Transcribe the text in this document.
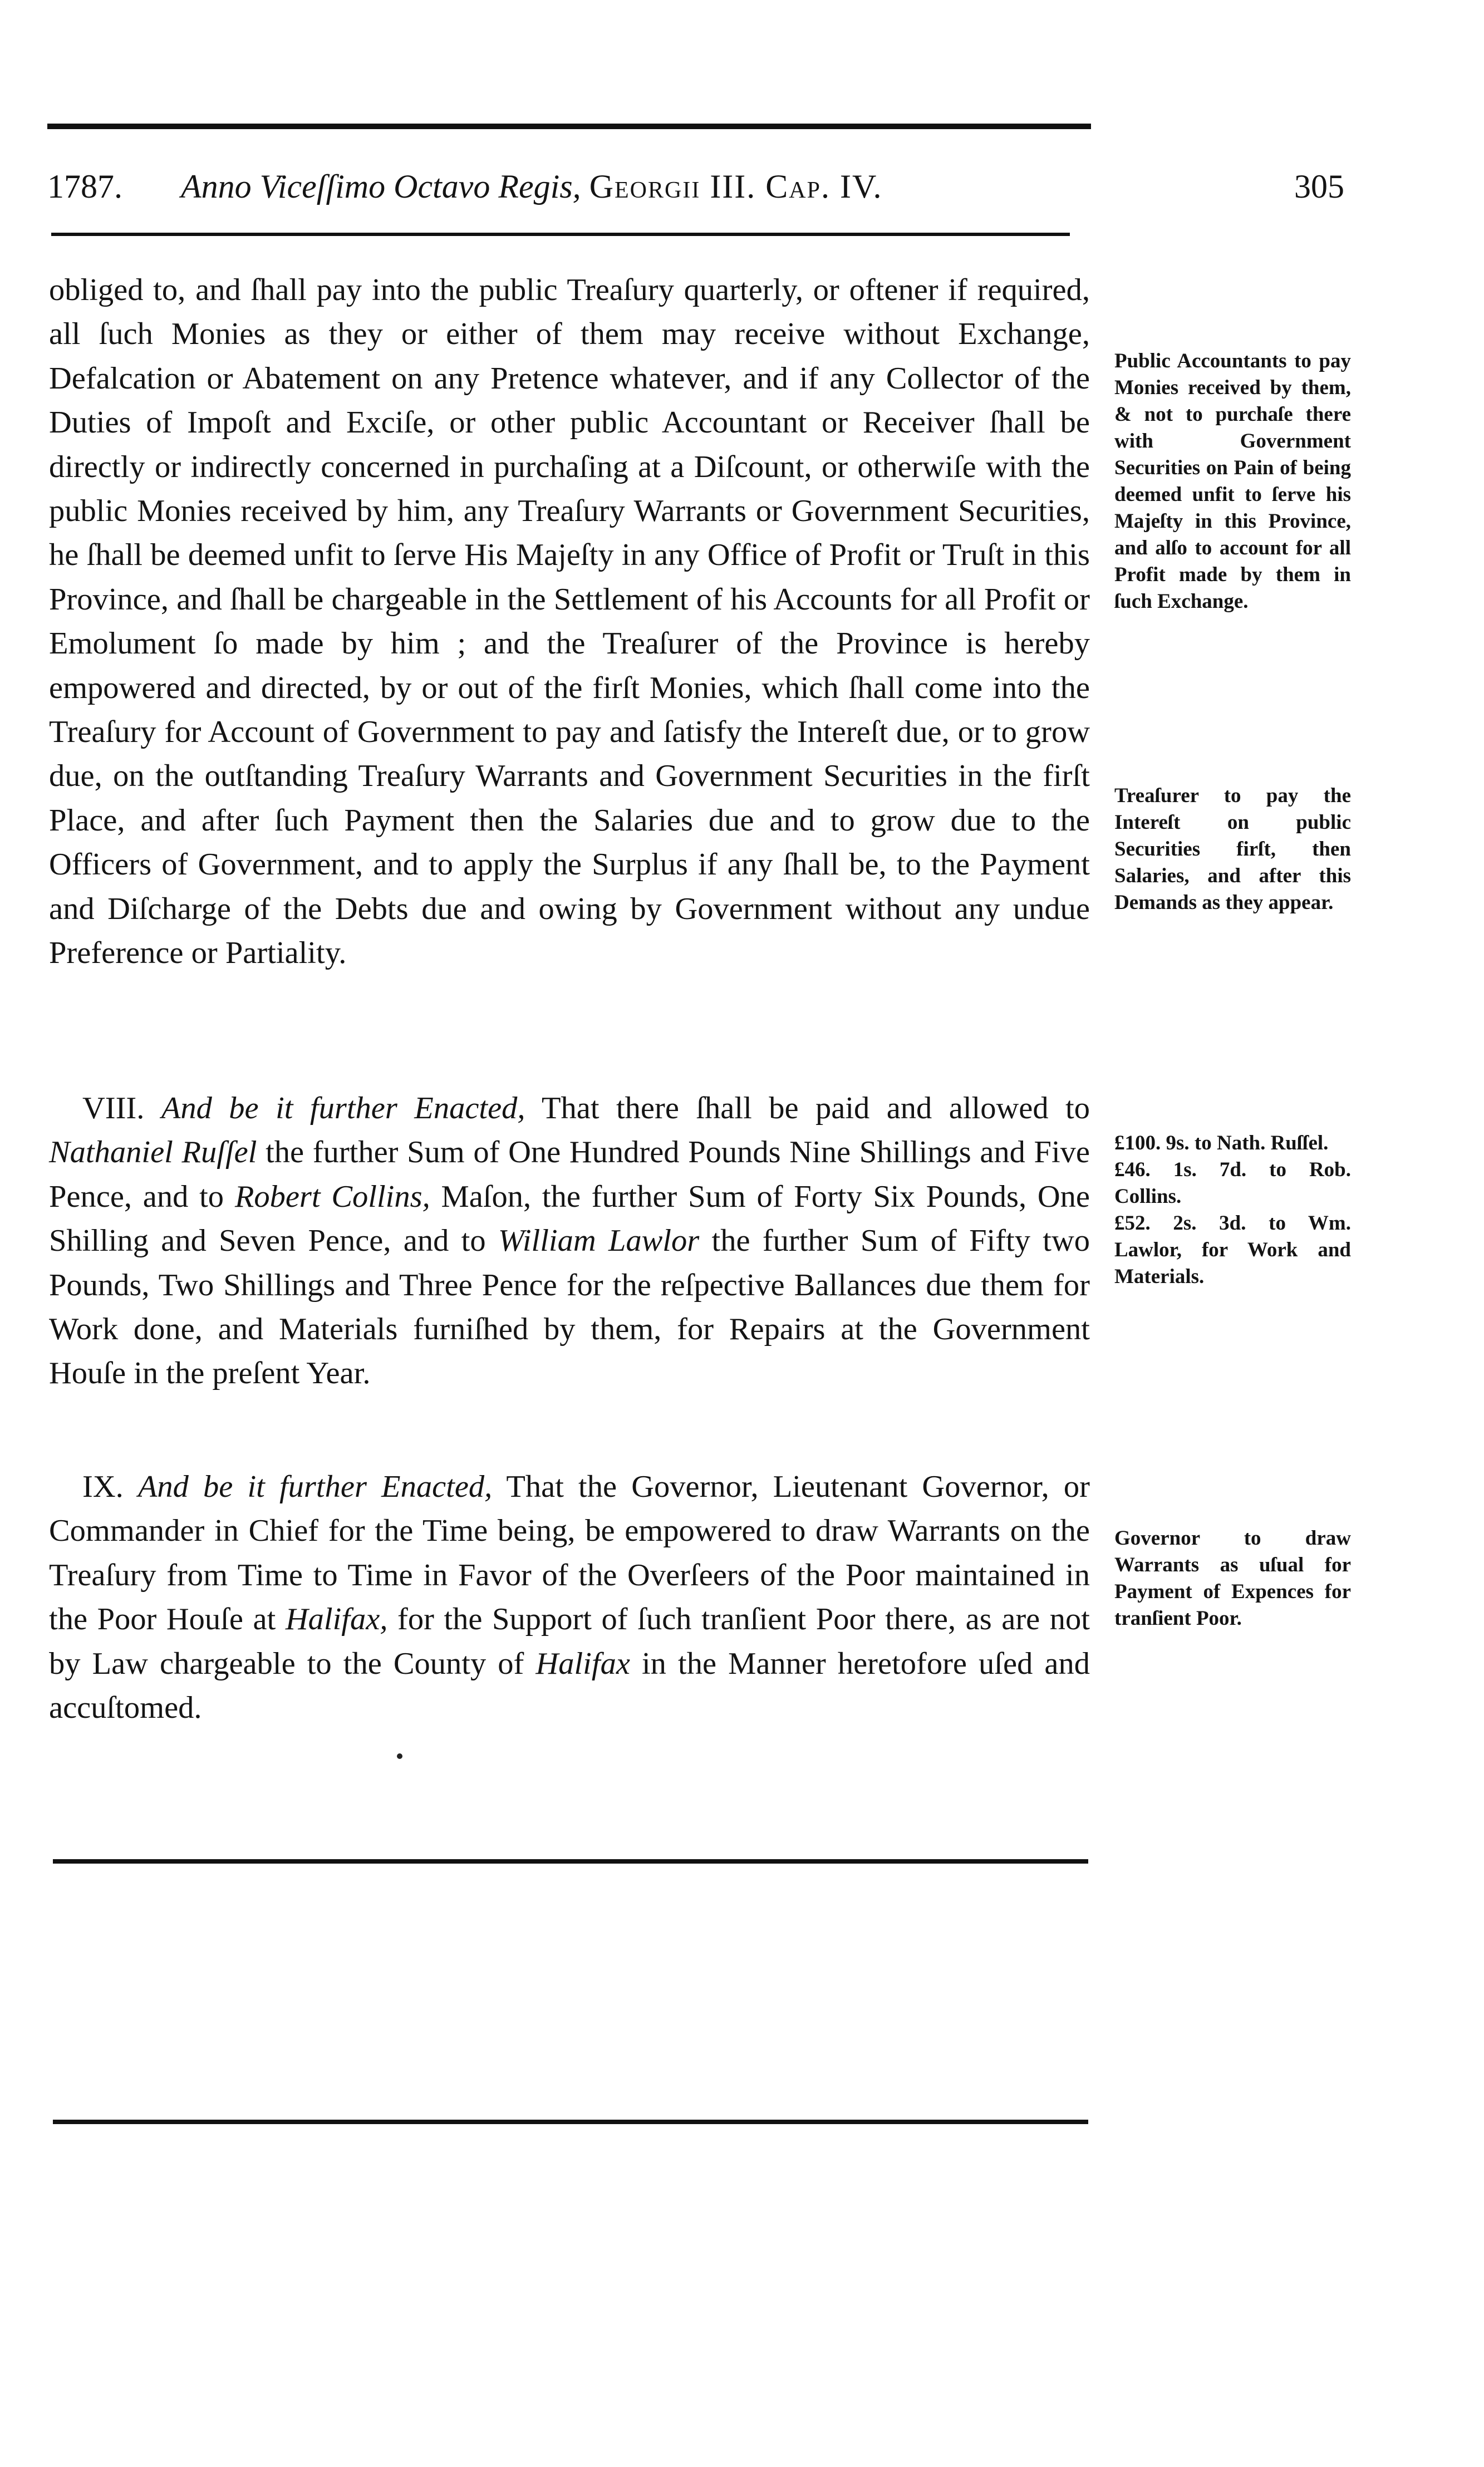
1787. Anno Viceſſimo Octavo Regis, Georgii III. Cap. IV.	305
obliged to, and ſhall pay into the public Treaſury quarterly, or oftener if required, all ſuch Monies as they or either of them may receive without Exchange, Defalcation or Abatement on any Pretence whatever, and if any Collector of the Duties of Impoſt and Exciſe, or other public Accountant or Receiver ſhall be directly or indirectly concerned in purchaſing at a Diſcount, or otherwiſe with the public Monies received by him, any Treaſury Warrants or Government Securities, he ſhall be deemed unfit to ſerve His Majeſty in any Office of Profit or Truſt in this Province, and ſhall be chargeable in the Settlement of his Accounts for all Profit or Emolument ſo made by him ; and the Treaſurer of the Province is hereby empowered and directed, by or out of the firſt Monies, which ſhall come into the Treaſury for Account of Government to pay and ſatisfy the Intereſt due, or to grow due, on the outſtanding Treaſury Warrants and Government Securities in the firſt Place, and after ſuch Payment then the Salaries due and to grow due to the Officers of Government, and to apply the Surplus if any ſhall be, to the Payment and Diſcharge of the Debts due and owing by Government without any undue Preference or Partiality.
VIII. And be it further Enacted, That there ſhall be paid and allowed to Nathaniel Ruſſel the further Sum of One Hundred Pounds Nine Shillings and Five Pence, and to Robert Collins, Maſon, the further Sum of Forty Six Pounds, One Shilling and Seven Pence, and to William Lawlor the further Sum of Fifty two Pounds, Two Shillings and Three Pence for the reſpective Ballances due them for Work done, and Materials furniſhed by them, for Repairs at the Government Houſe in the preſent Year.
IX. And be it further Enacted, That the Governor, Lieutenant Governor, or Commander in Chief for the Time being, be empowered to draw Warrants on the Treaſury from Time to Time in Favor of the Overſeers of the Poor maintained in the Poor Houſe at Halifax, for the Support of ſuch tranſient Poor there, as are not by Law chargeable to the County of Halifax in the Manner heretofore uſed and accuſtomed.
Public Accountants to pay Monies received by them, & not to purchaſe there with Government Securities on Pain of being deemed unfit to ſerve his Majeſty in this Province, and alſo to account for all Profit made by them in ſuch Exchange.
Treaſurer to pay the Intereſt on public Securities firſt, then Salaries, and after this Demands as they appear.
£100. 9s. to Nath. Ruſſel.
£46. 1s. 7d. to Rob. Collins.
£52. 2s. 3d. to Wm. Lawlor, for Work and Materials.
Governor to draw Warrants as uſual for Payment of Expences for tranſient Poor.
